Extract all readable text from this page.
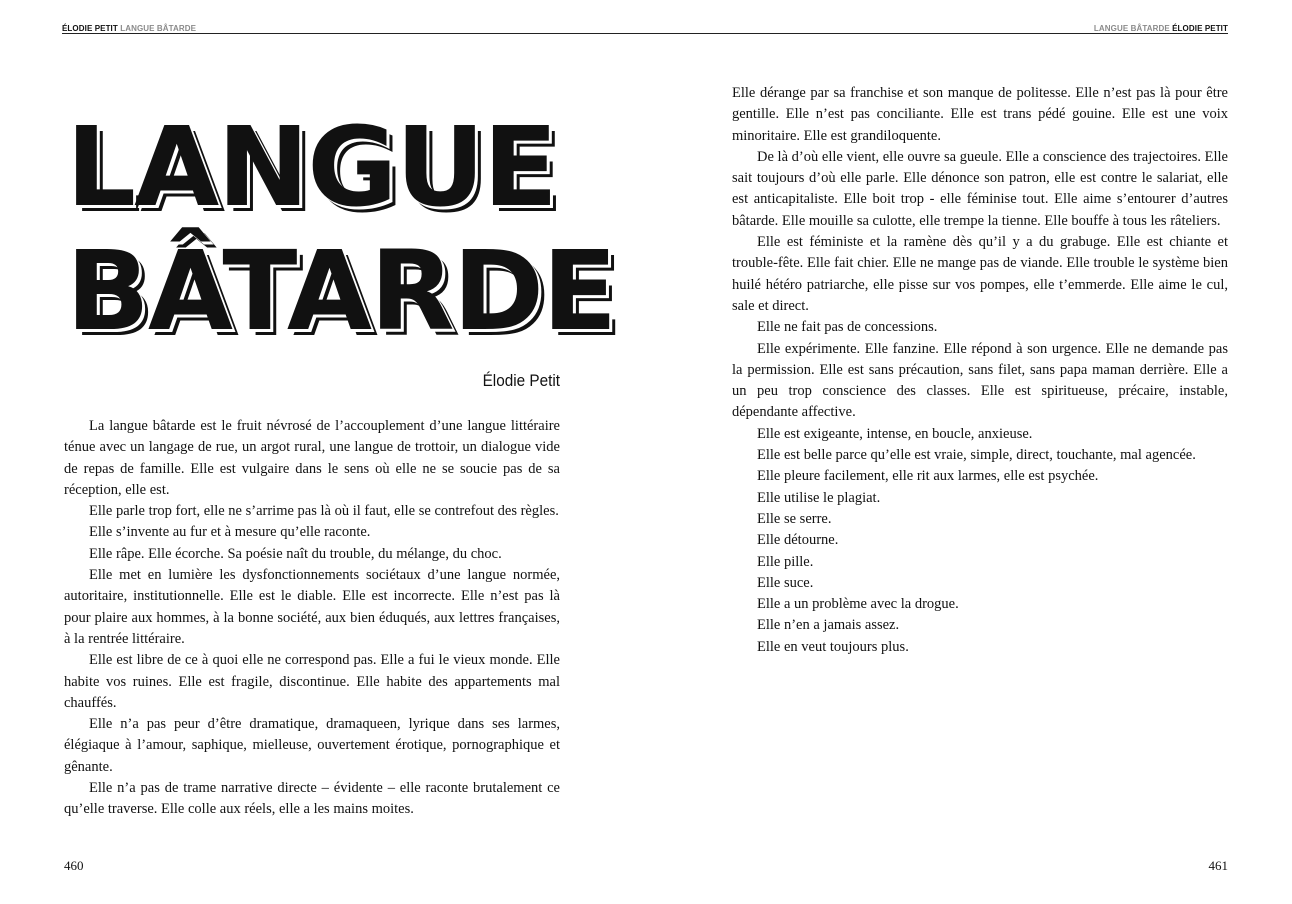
ÉLODIE PETIT LANGUE BÂTARDE	LANGUE BÂTARDE ÉLODIE PETIT
LANGUE
BÂTARDE
Élodie Petit

La langue bâtarde est le fruit névrosé de l’accouplement d’une langue littéraire ténue avec un langage de rue, un argot rural, une langue de trottoir, un dialogue vide de repas de famille. Elle est vulgaire dans le sens où elle ne se soucie pas de sa réception, elle est.

Elle parle trop fort, elle ne s’arrime pas là où il faut, elle se contrefout des règles.

Elle s’invente au fur et à mesure qu’elle raconte.

Elle râpe. Elle écorche. Sa poésie naît du trouble, du mélange, du choc.

Elle met en lumière les dysfonctionnements sociétaux d’une langue normée, autoritaire, institutionnelle. Elle est le diable. Elle est incorrecte. Elle n’est pas là pour plaire aux hommes, à la bonne société, aux bien éduqués, aux lettres françaises, à la rentrée littéraire.

Elle est libre de ce à quoi elle ne correspond pas. Elle a fui le vieux monde. Elle habite vos ruines. Elle est fragile, discontinue. Elle habite des appartements mal chauffés.

Elle n’a pas peur d’être dramatique, dramaqueen, lyrique dans ses larmes, élégiaque à l’amour, saphique, mielleuse, ouvertement érotique, pornographique et gênante.

Elle n’a pas de trame narrative directe – évidente – elle raconte brutalement ce qu’elle traverse. Elle colle aux réels, elle a les mains moites.

Elle dérange par sa franchise et son manque de politesse. Elle n’est pas là pour être gentille. Elle n’est pas conciliante. Elle est trans pédé gouine. Elle est une voix minoritaire. Elle est grandiloquente.

De là d’où elle vient, elle ouvre sa gueule. Elle a conscience des trajectoires. Elle sait toujours d’où elle parle. Elle dénonce son patron, elle est contre le salariat, elle est anticapitaliste. Elle boit trop - elle féminise tout. Elle aime s’entourer d’autres bâtarde. Elle mouille sa culotte, elle trempe la tienne. Elle bouffe à tous les râteliers.

Elle est féministe et la ramène dès qu’il y a du grabuge. Elle est chiante et trouble-fête. Elle fait chier. Elle ne mange pas de viande. Elle trouble le système bien huilé hétéro patriarche, elle pisse sur vos pompes, elle t’emmerde. Elle aime le cul, sale et direct.

Elle ne fait pas de concessions.

Elle expérimente. Elle fanzine. Elle répond à son urgence. Elle ne demande pas la permission. Elle est sans précaution, sans filet, sans papa maman derrière. Elle a un peu trop conscience des classes. Elle est spiritueuse, précaire, instable, dépendante affective.

Elle est exigeante, intense, en boucle, anxieuse.

Elle est belle parce qu’elle est vraie, simple, direct, touchante, mal agencée.

Elle pleure facilement, elle rit aux larmes, elle est psychée.

Elle utilise le plagiat.

Elle se serre.

Elle détourne.

Elle pille.

Elle suce.

Elle a un problème avec la drogue.

Elle n’en a jamais assez.

Elle en veut toujours plus.

460	461
